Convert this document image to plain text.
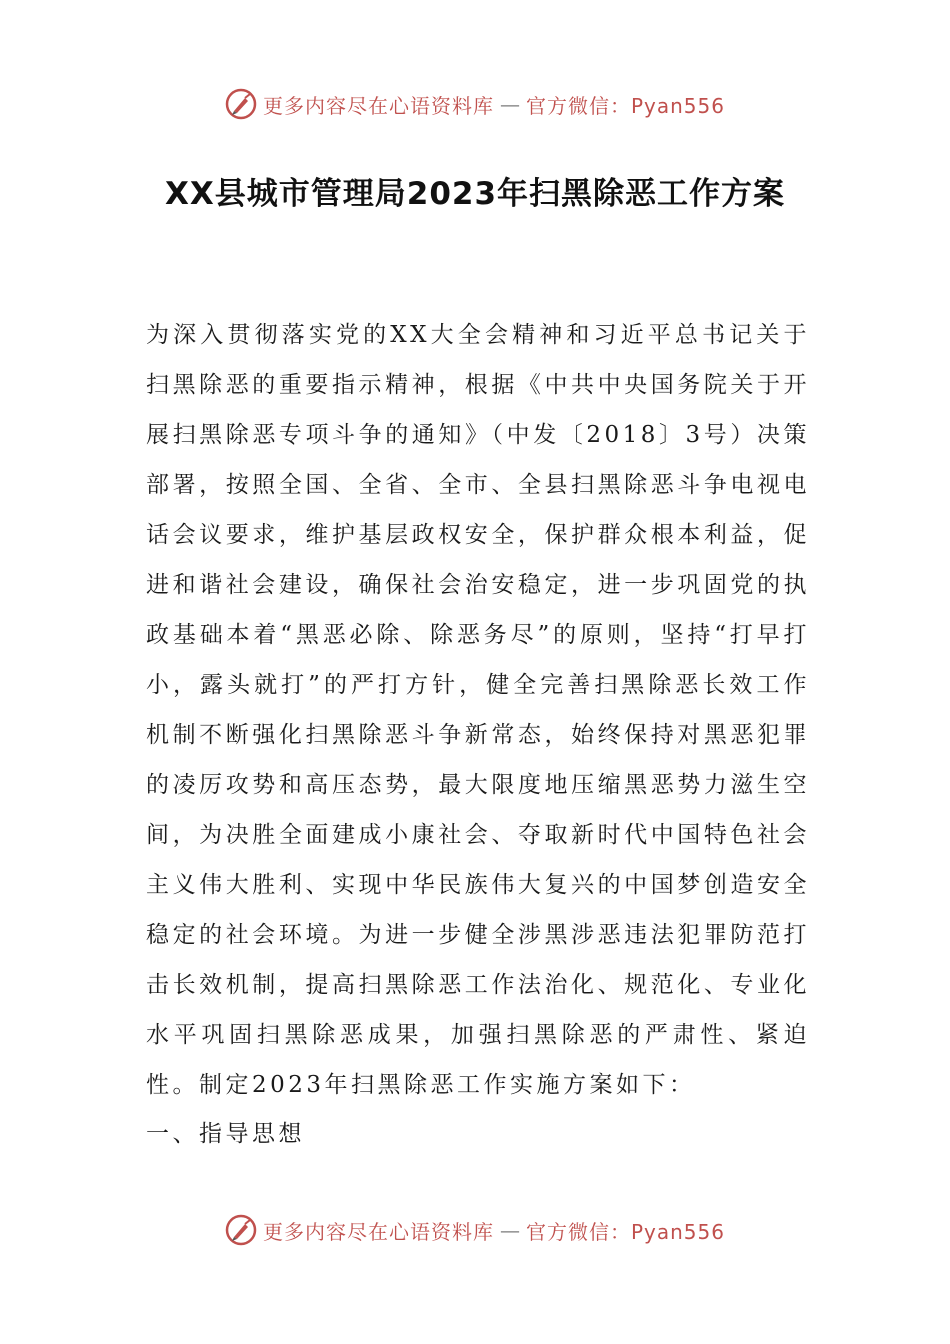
更多内容尽在心语资料库 — 官方微信：Pyan556
XX县城市管理局2023年扫黑除恶工作方案

为深入贯彻落实党的XX大全会精神和习近平总书记关于扫黑除恶的重要指示精神，根据《中共中央国务院关于开展扫黑除恶专项斗争的通知》（中发〔2018〕3号）决策部署，按照全国、全省、全市、全县扫黑除恶斗争电视电话会议要求，维护基层政权安全，保护群众根本利益，促进和谐社会建设，确保社会治安稳定，进一步巩固党的执政基础本着“黑恶必除、除恶务尽”的原则，坚持“打早打小，露头就打”的严打方针，健全完善扫黑除恶长效工作机制不断强化扫黑除恶斗争新常态，始终保持对黑恶犯罪的凌厉攻势和高压态势，最大限度地压缩黑恶势力滋生空间，为决胜全面建成小康社会、夺取新时代中国特色社会主义伟大胜利、实现中华民族伟大复兴的中国梦创造安全稳定的社会环境。为进一步健全涉黑涉恶违法犯罪防范打击长效机制，提高扫黑除恶工作法治化、规范化、专业化水平巩固扫黑除恶成果，加强扫黑除恶的严肃性、紧迫性。制定2023年扫黑除恶工作实施方案如下：

一、指导思想

更多内容尽在心语资料库 — 官方微信：Pyan556
